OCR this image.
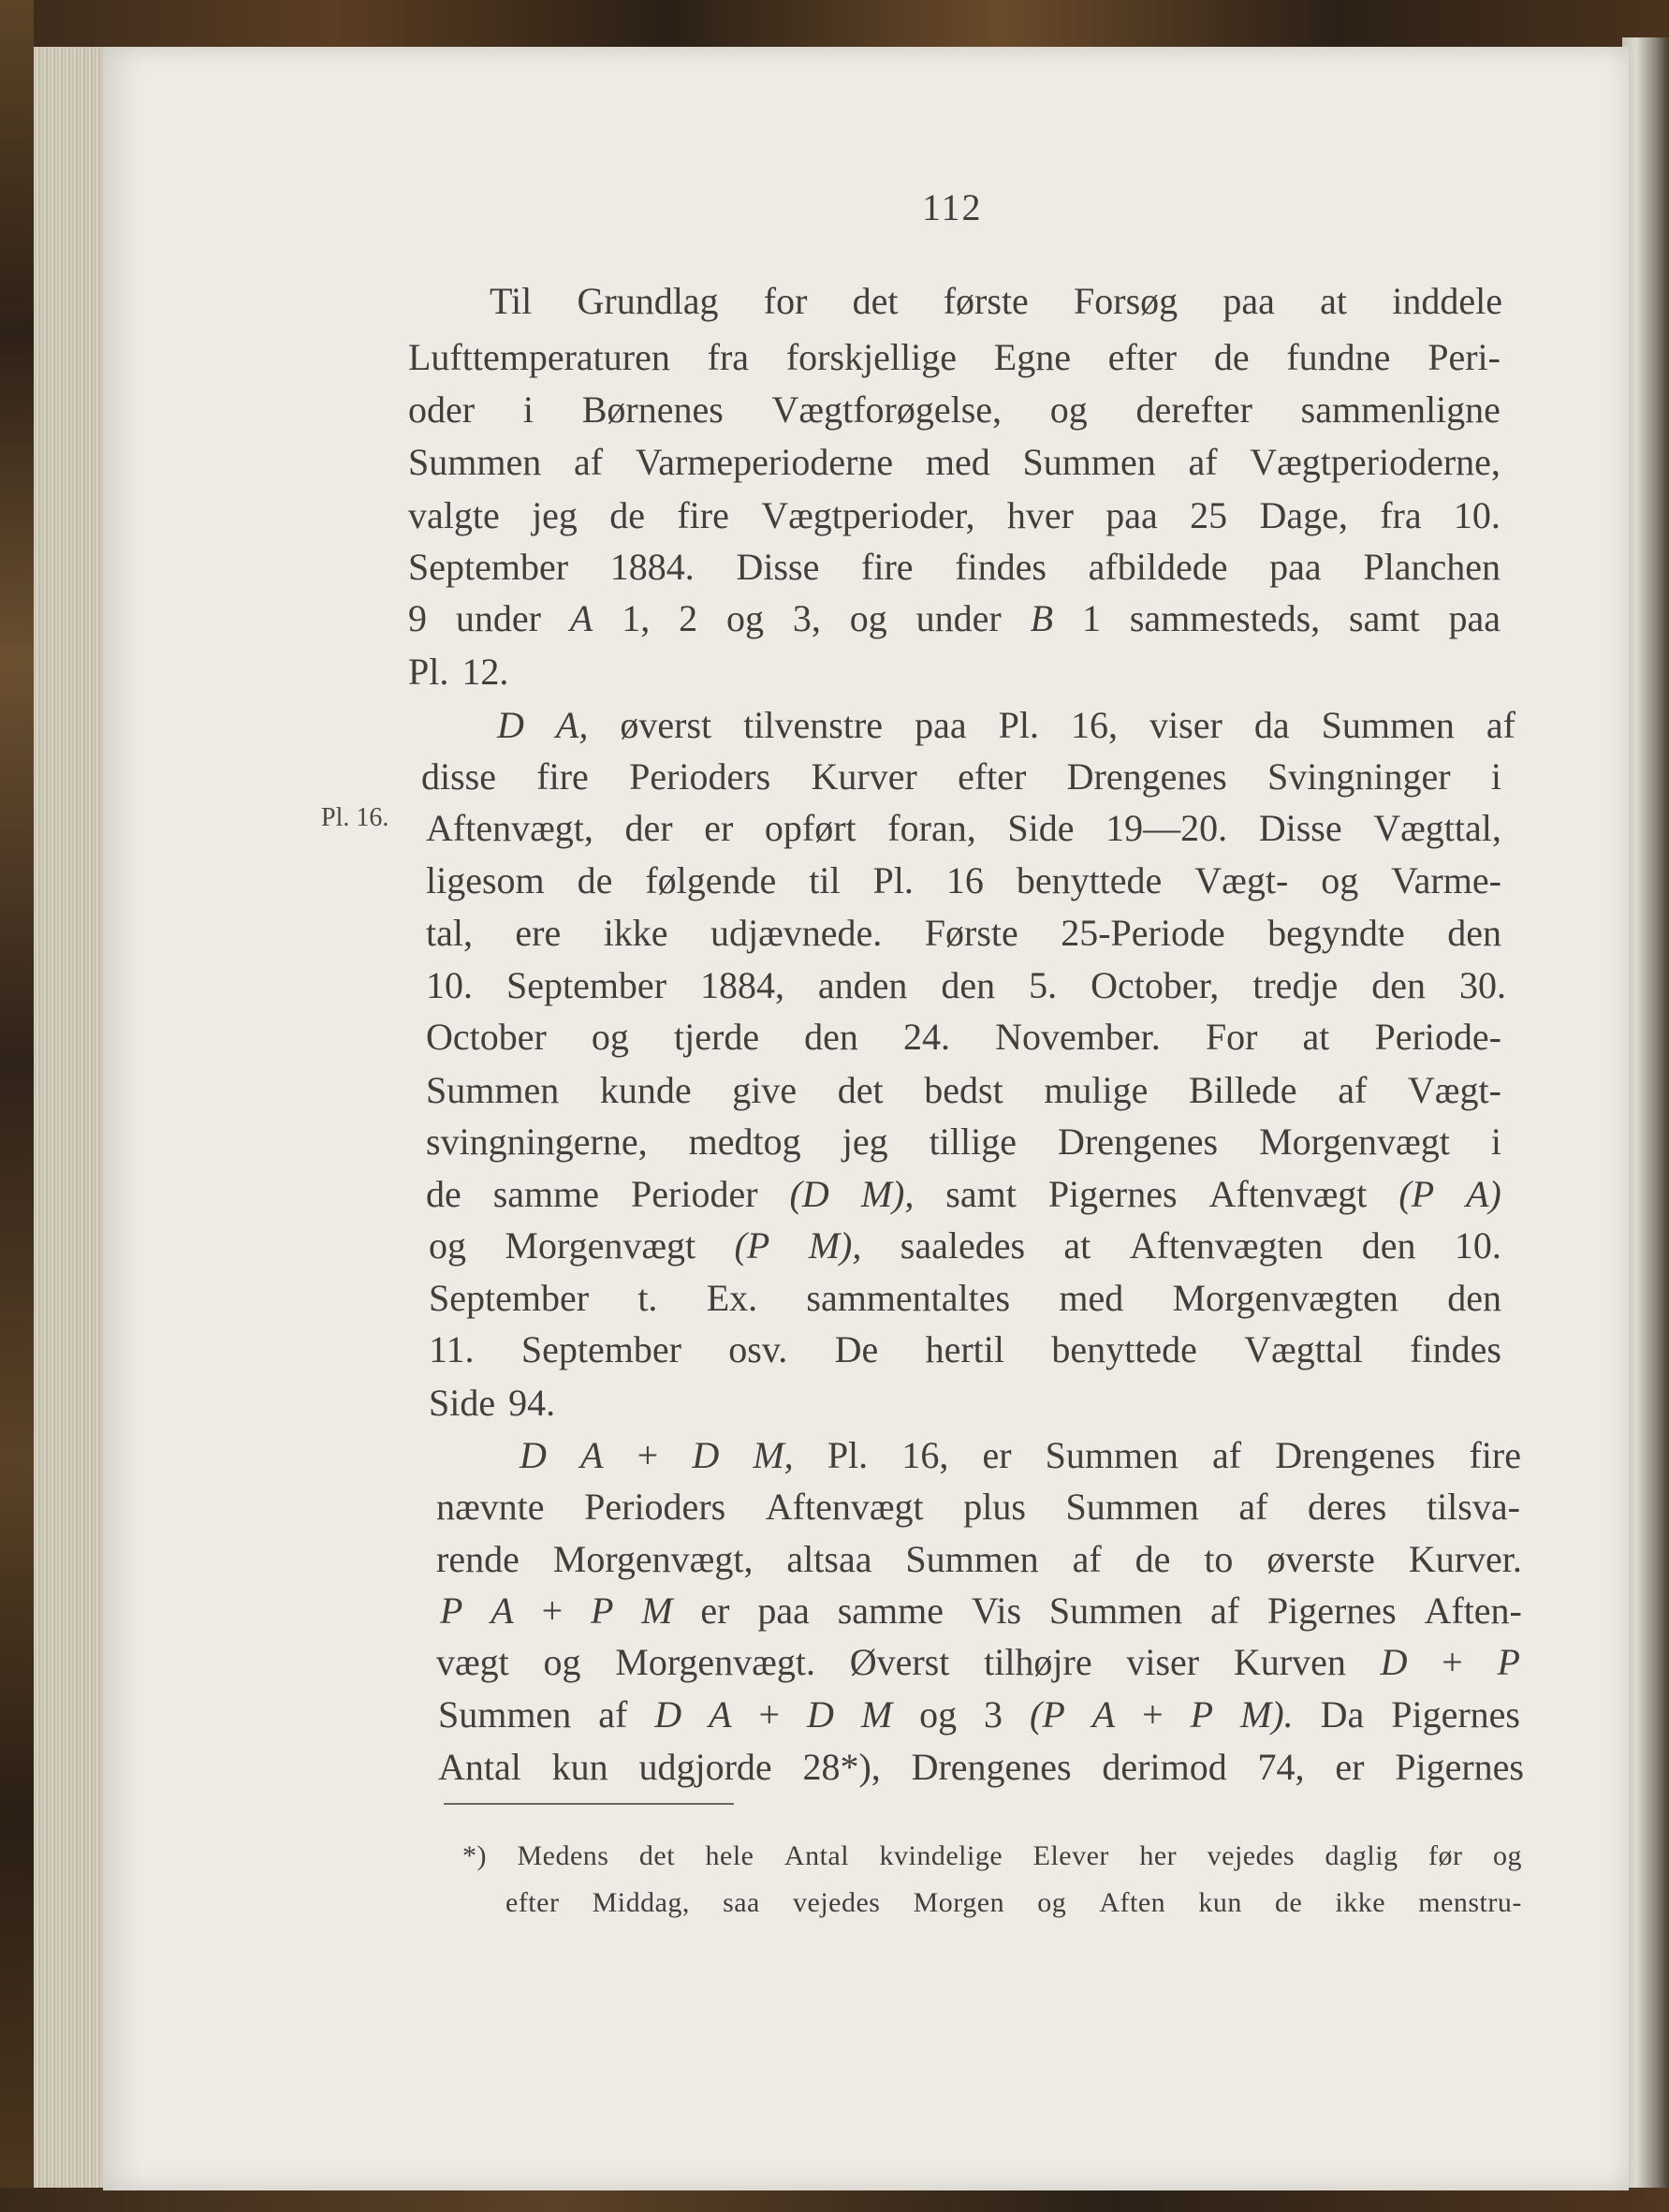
112
Pl. 16.
Til Grundlag for det første Forsøg paa at inddele
Lufttemperaturen fra forskjellige Egne efter de fundne Peri-
oder i Børnenes Vægtforøgelse, og derefter sammenligne
Summen af Varmeperioderne med Summen af Vægtperioderne,
valgte jeg de fire Vægtperioder, hver paa 25 Dage, fra 10.
September 1884. Disse fire findes afbildede paa Planchen
9 under A 1, 2 og 3, og under B 1 sammesteds, samt paa
Pl. 12.
D A, øverst tilvenstre paa Pl. 16, viser da Summen af
disse fire Perioders Kurver efter Drengenes Svingninger i
Aftenvægt, der er opført foran, Side 19—20. Disse Vægttal,
ligesom de følgende til Pl. 16 benyttede Vægt- og Varme-
tal, ere ikke udjævnede. Første 25-Periode begyndte den
10. September 1884, anden den 5. October, tredje den 30.
October og tjerde den 24. November. For at Periode-
Summen kunde give det bedst mulige Billede af Vægt-
svingningerne, medtog jeg tillige Drengenes Morgenvægt i
de samme Perioder (D M), samt Pigernes Aftenvægt (P A)
og Morgenvægt (P M), saaledes at Aftenvægten den 10.
September t. Ex. sammentaltes med Morgenvægten den
11. September osv. De hertil benyttede Vægttal findes
Side 94.
D A + D M, Pl. 16, er Summen af Drengenes fire
nævnte Perioders Aftenvægt plus Summen af deres tilsva-
rende Morgenvægt, altsaa Summen af de to øverste Kurver.
P A + P M er paa samme Vis Summen af Pigernes Aften-
vægt og Morgenvægt. Øverst tilhøjre viser Kurven D + P
Summen af D A + D M og 3 (P A + P M). Da Pigernes
Antal kun udgjorde 28*), Drengenes derimod 74, er Pigernes
*) Medens det hele Antal kvindelige Elever her vejedes daglig før og
efter Middag, saa vejedes Morgen og Aften kun de ikke menstru-
